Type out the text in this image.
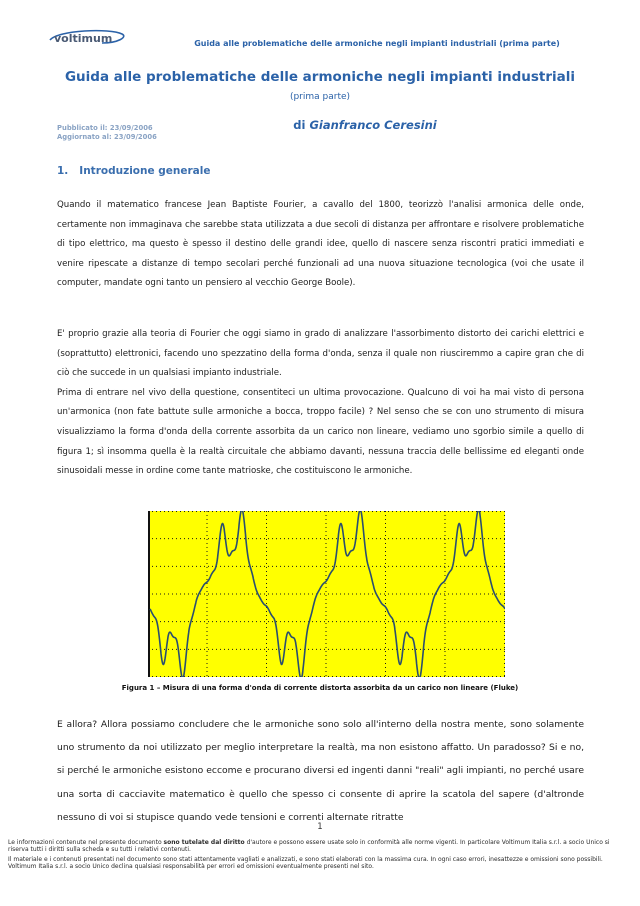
voltimum	Guida alle problematiche delle armoniche negli impianti industriali (prima parte)
Guida alle problematiche delle armoniche negli impianti industriali
(prima parte)
Pubblicato il: 23/09/2006
Aggiornato al: 23/09/2006
di Gianfranco Ceresini
1. Introduzione generale

Quando il matematico francese Jean Baptiste Fourier, a cavallo del 1800, teorizzò l'analisi armonica delle onde, certamente non immaginava che sarebbe stata utilizzata a due secoli di distanza per affrontare e risolvere problematiche di tipo elettrico, ma questo è spesso il destino delle grandi idee, quello di nascere senza riscontri pratici immediati e venire ripescate a distanze di tempo secolari perché funzionali ad una nuova situazione tecnologica (voi che usate il computer, mandate ogni tanto un pensiero al vecchio George Boole).

E' proprio grazie alla teoria di Fourier che oggi siamo in grado di analizzare l'assorbimento distorto dei carichi elettrici e (soprattutto) elettronici, facendo uno spezzatino della forma d'onda, senza il quale non riusciremmo a capire gran che di ciò che succede in un qualsiasi impianto industriale.

Prima di entrare nel vivo della questione, consentiteci un ultima provocazione. Qualcuno di voi ha mai visto di persona un'armonica (non fate battute sulle armoniche a bocca, troppo facile) ? Nel senso che se con uno strumento di misura visualizziamo la forma d'onda della corrente assorbita da un carico non lineare, vediamo uno sgorbio simile a quello di figura 1; sì insomma quella è la realtà circuitale che abbiamo davanti, nessuna traccia delle bellissime ed eleganti onde sinusoidali messe in ordine come tante matrioske, che costituiscono le armoniche.

Figura 1 – Misura di una forma d'onda di corrente distorta assorbita da un carico non lineare (Fluke)

E allora? Allora possiamo concludere che le armoniche sono solo all'interno della nostra mente, sono solamente uno strumento da noi utilizzato per meglio interpretare la realtà, ma non esistono affatto. Un paradosso? Si e no, si perché le armoniche esistono eccome e procurano diversi ed ingenti danni "reali" agli impianti, no perché usare una sorta di cacciavite matematico è quello che spesso ci consente di aprire la scatola del sapere (d'altronde nessuno di voi si stupisce quando vede tensioni e correnti alternate ritratte

1
Le informazioni contenute nel presente documento sono tutelate dal diritto d'autore e possono essere usate solo in conformità alle norme vigenti. In particolare Voltimum Italia s.r.l. a socio Unico si riserva tutti i diritti sulla scheda e su tutti i relativi contenuti.
Il materiale e i contenuti presentati nel documento sono stati attentamente vagliati e analizzati, e sono stati elaborati con la massima cura. In ogni caso errori, inesattezze e omissioni sono possibili. Voltimum Italia s.r.l. a socio Unico declina qualsiasi responsabilità per errori ed omissioni eventualmente presenti nel sito.
